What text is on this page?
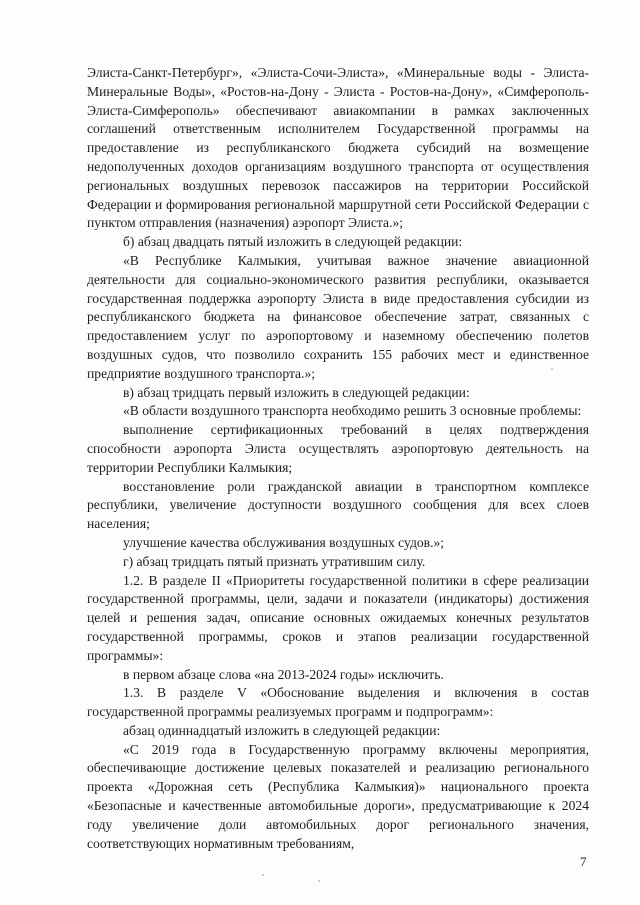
Элиста-Санкт-Петербург», «Элиста-Сочи-Элиста», «Минеральные воды - Элиста-Минеральные Воды», «Ростов-на-Дону - Элиста - Ростов-на-Дону», «Симферополь-Элиста-Симферополь» обеспечивают авиакомпании в рамках заключенных соглашений ответственным исполнителем Государственной программы на предоставление из республиканского бюджета субсидий на возмещение недополученных доходов организациям воздушного транспорта от осуществления региональных воздушных перевозок пассажиров на территории Российской Федерации и формирования региональной маршрутной сети Российской Федерации с пунктом отправления (назначения) аэропорт Элиста.»;

б) абзац двадцать пятый изложить в следующей редакции:

«В Республике Калмыкия, учитывая важное значение авиационной деятельности для социально-экономического развития республики, оказывается государственная поддержка аэропорту Элиста в виде предоставления субсидии из республиканского бюджета на финансовое обеспечение затрат, связанных с предоставлением услуг по аэропортовому и наземному обеспечению полетов воздушных судов, что позволило сохранить 155 рабочих мест и единственное предприятие воздушного транспорта.»;

в) абзац тридцать первый изложить в следующей редакции:

«В области воздушного транспорта необходимо решить 3 основные проблемы:

выполнение сертификационных требований в целях подтверждения способности аэропорта Элиста осуществлять аэропортовую деятельность на территории Республики Калмыкия;

восстановление роли гражданской авиации в транспортном комплексе республики, увеличение доступности воздушного сообщения для всех слоев населения;

улучшение качества обслуживания воздушных судов.»;

г) абзац тридцать пятый признать утратившим силу.

1.2. В разделе II «Приоритеты государственной политики в сфере реализации государственной программы, цели, задачи и показатели (индикаторы) достижения целей и решения задач, описание основных ожидаемых конечных результатов государственной программы, сроков и этапов реализации государственной программы»:

в первом абзаце слова «на 2013-2024 годы» исключить.

1.3. В разделе V «Обоснование выделения и включения в состав государственной программы реализуемых программ и подпрограмм»:

абзац одиннадцатый изложить в следующей редакции:

«С 2019 года в Государственную программу включены мероприятия, обеспечивающие достижение целевых показателей и реализацию регионального проекта «Дорожная сеть (Республика Калмыкия)» национального проекта «Безопасные и качественные автомобильные дороги», предусматривающие к 2024 году увеличение доли автомобильных дорог регионального значения, соответствующих нормативным требованиям,

7
